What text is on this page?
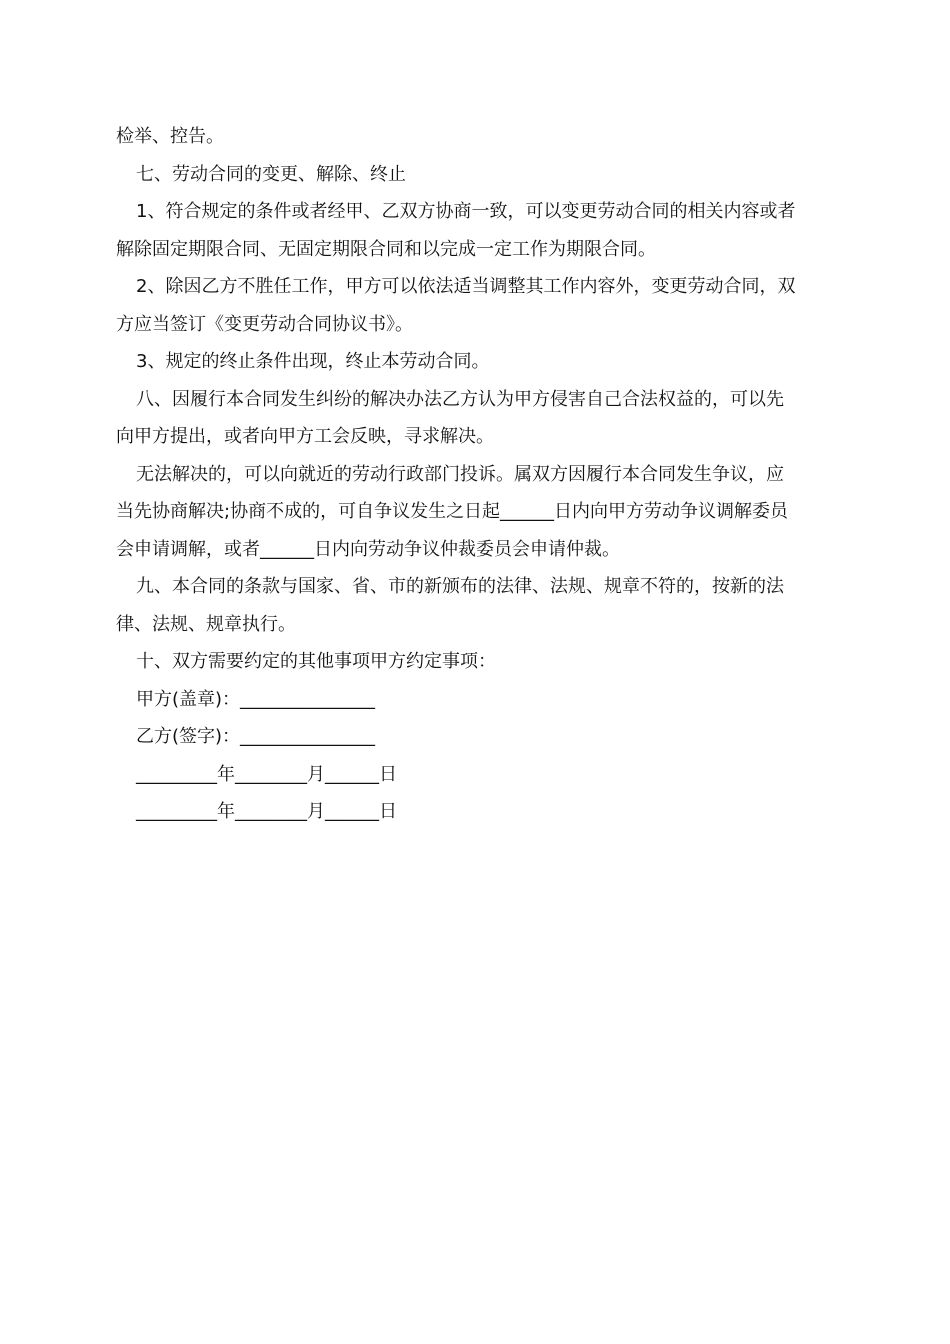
检举、控告。

七、劳动合同的变更、解除、终止

1、符合规定的条件或者经甲、乙双方协商一致，可以变更劳动合同的相关内容或者
解除固定期限合同、无固定期限合同和以完成一定工作为期限合同。

2、除因乙方不胜任工作，甲方可以依法适当调整其工作内容外，变更劳动合同，双
方应当签订《变更劳动合同协议书》。

3、规定的终止条件出现，终止本劳动合同。

八、因履行本合同发生纠纷的解决办法乙方认为甲方侵害自己合法权益的，可以先
向甲方提出，或者向甲方工会反映，寻求解决。

无法解决的，可以向就近的劳动行政部门投诉。属双方因履行本合同发生争议，应
当先协商解决;协商不成的，可自争议发生之日起______日内向甲方劳动争议调解委员
会申请调解，或者______日内向劳动争议仲裁委员会申请仲裁。

九、本合同的条款与国家、省、市的新颁布的法律、法规、规章不符的，按新的法
律、法规、规章执行。

十、双方需要约定的其他事项甲方约定事项：

甲方(盖章)：_______________

乙方(签字)：_______________

_________年________月______日

_________年________月______日
